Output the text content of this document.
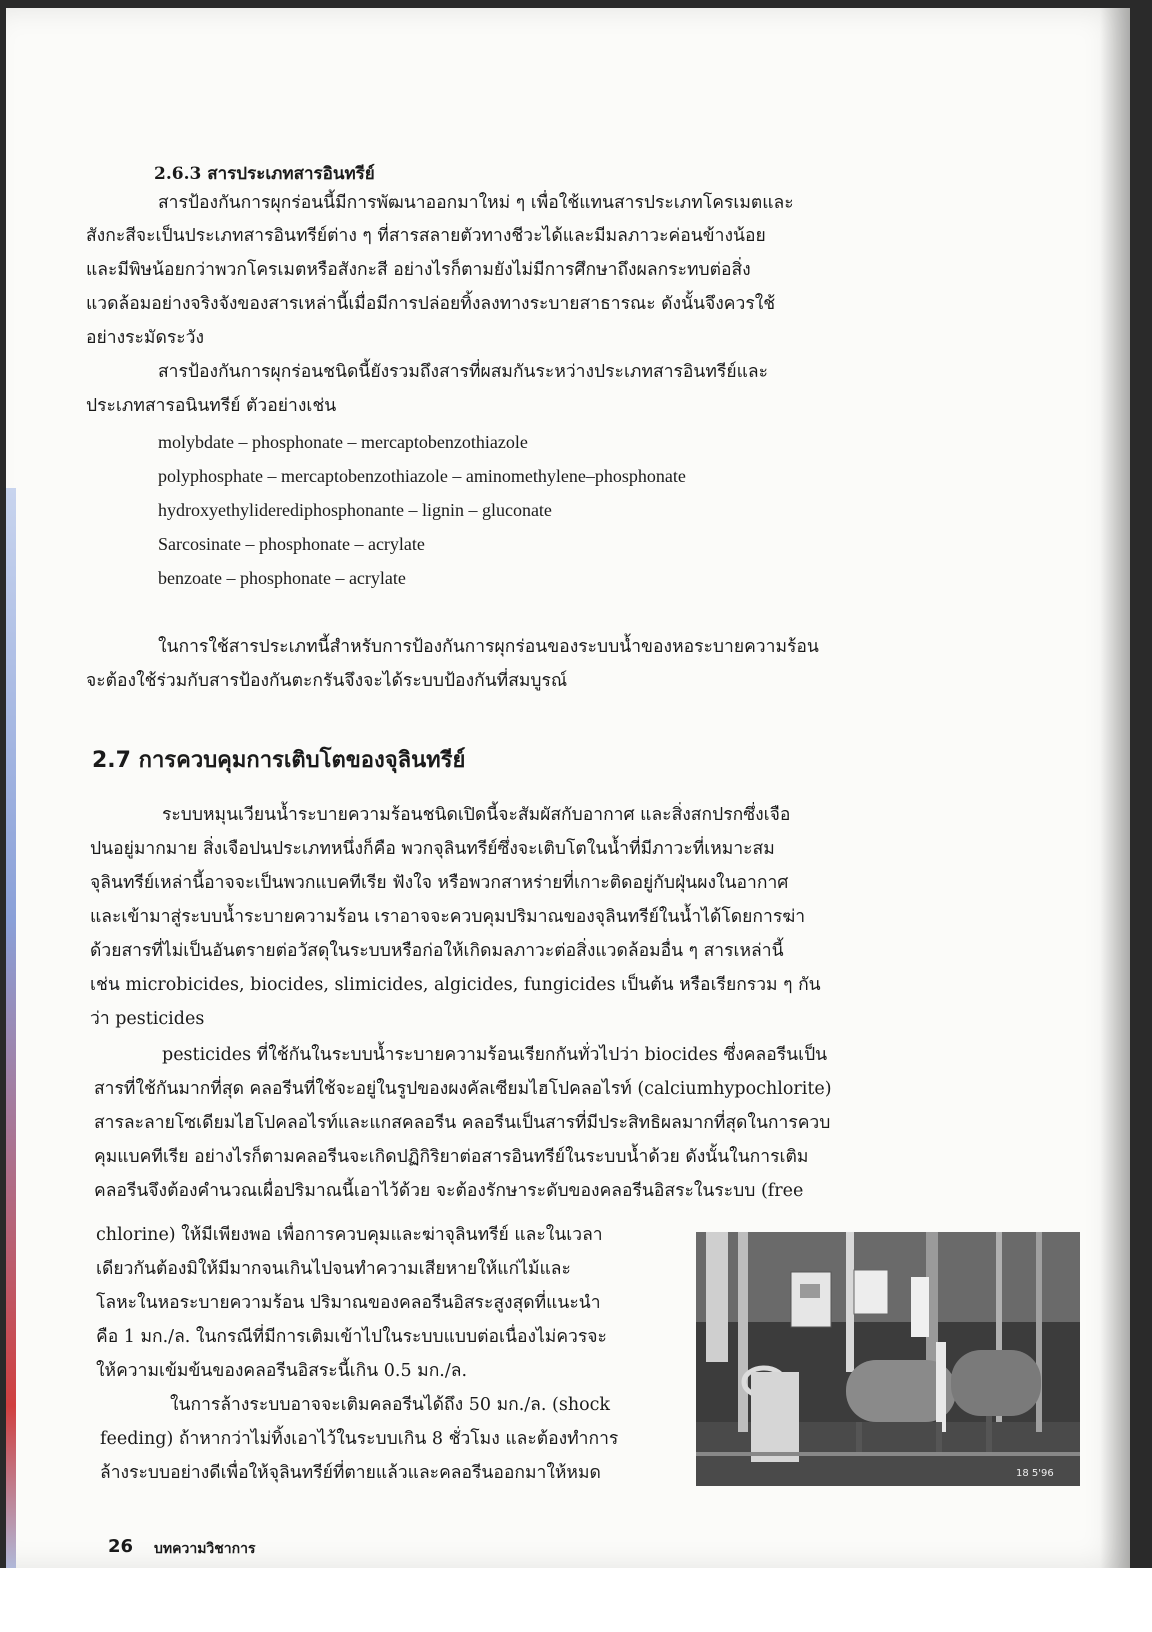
2.6.3 สารประเภทสารอินทรีย์
สารป้องกันการผุกร่อนนี้มีการพัฒนาออกมาใหม่ ๆ เพื่อใช้แทนสารประเภทโครเมตและ
สังกะสีจะเป็นประเภทสารอินทรีย์ต่าง ๆ ที่สารสลายตัวทางชีวะได้และมีมลภาวะค่อนข้างน้อย
และมีพิษน้อยกว่าพวกโครเมตหรือสังกะสี อย่างไรก็ตามยังไม่มีการศึกษาถึงผลกระทบต่อสิ่ง
แวดล้อมอย่างจริงจังของสารเหล่านี้เมื่อมีการปล่อยทิ้งลงทางระบายสาธารณะ ดังนั้นจึงควรใช้
อย่างระมัดระวัง
สารป้องกันการผุกร่อนชนิดนี้ยังรวมถึงสารที่ผสมกันระหว่างประเภทสารอินทรีย์และ
ประเภทสารอนินทรีย์ ตัวอย่างเช่น
molybdate – phosphonate – mercaptobenzothiazole
polyphosphate – mercaptobenzothiazole – aminomethylene–phosphonate
hydroxyethyliderediphosphonante – lignin – gluconate
Sarcosinate – phosphonate – acrylate
benzoate – phosphonate – acrylate
ในการใช้สารประเภทนี้สำหรับการป้องกันการผุกร่อนของระบบน้ำของหอระบายความร้อน
จะต้องใช้ร่วมกับสารป้องกันตะกรันจึงจะได้ระบบป้องกันที่สมบูรณ์
2.7 การควบคุมการเติบโตของจุลินทรีย์
ระบบหมุนเวียนน้ำระบายความร้อนชนิดเปิดนี้จะสัมผัสกับอากาศ และสิ่งสกปรกซึ่งเจือ
ปนอยู่มากมาย สิ่งเจือปนประเภทหนึ่งก็คือ พวกจุลินทรีย์ซึ่งจะเติบโตในน้ำที่มีภาวะที่เหมาะสม
จุลินทรีย์เหล่านี้อาจจะเป็นพวกแบคทีเรีย ฟังใจ หรือพวกสาหร่ายที่เกาะติดอยู่กับฝุ่นผงในอากาศ
และเข้ามาสู่ระบบน้ำระบายความร้อน เราอาจจะควบคุมปริมาณของจุลินทรีย์ในน้ำได้โดยการฆ่า
ด้วยสารที่ไม่เป็นอันตรายต่อวัสดุในระบบหรือก่อให้เกิดมลภาวะต่อสิ่งแวดล้อมอื่น ๆ สารเหล่านี้
เช่น microbicides, biocides, slimicides, algicides, fungicides เป็นต้น หรือเรียกรวม ๆ กัน
ว่า pesticides
pesticides ที่ใช้กันในระบบน้ำระบายความร้อนเรียกกันทั่วไปว่า biocides ซึ่งคลอรีนเป็น
สารที่ใช้กันมากที่สุด คลอรีนที่ใช้จะอยู่ในรูปของผงคัลเซียมไฮโปคลอไรท์ (calciumhypochlorite)
สารละลายโซเดียมไฮโปคลอไรท์และแกสคลอรีน คลอรีนเป็นสารที่มีประสิทธิผลมากที่สุดในการควบ
คุมแบคทีเรีย อย่างไรก็ตามคลอรีนจะเกิดปฏิกิริยาต่อสารอินทรีย์ในระบบน้ำด้วย ดังนั้นในการเติม
คลอรีนจึงต้องคำนวณเผื่อปริมาณนี้เอาไว้ด้วย จะต้องรักษาระดับของคลอรีนอิสระในระบบ (free
chlorine) ให้มีเพียงพอ เพื่อการควบคุมและฆ่าจุลินทรีย์ และในเวลา
เดียวกันต้องมิให้มีมากจนเกินไปจนทำความเสียหายให้แก่ไม้และ
โลหะในหอระบายความร้อน ปริมาณของคลอรีนอิสระสูงสุดที่แนะนำ
คือ 1 มก./ล. ในกรณีที่มีการเติมเข้าไปในระบบแบบต่อเนื่องไม่ควรจะ
ให้ความเข้มข้นของคลอรีนอิสระนี้เกิน 0.5 มก./ล.
ในการล้างระบบอาจจะเติมคลอรีนได้ถึง 50 มก./ล. (shock
feeding) ถ้าหากว่าไม่ทิ้งเอาไว้ในระบบเกิน 8 ชั่วโมง และต้องทำการ
ล้างระบบอย่างดีเพื่อให้จุลินทรีย์ที่ตายแล้วและคลอรีนออกมาให้หมด	18 5'96
26 บทความวิชาการ
